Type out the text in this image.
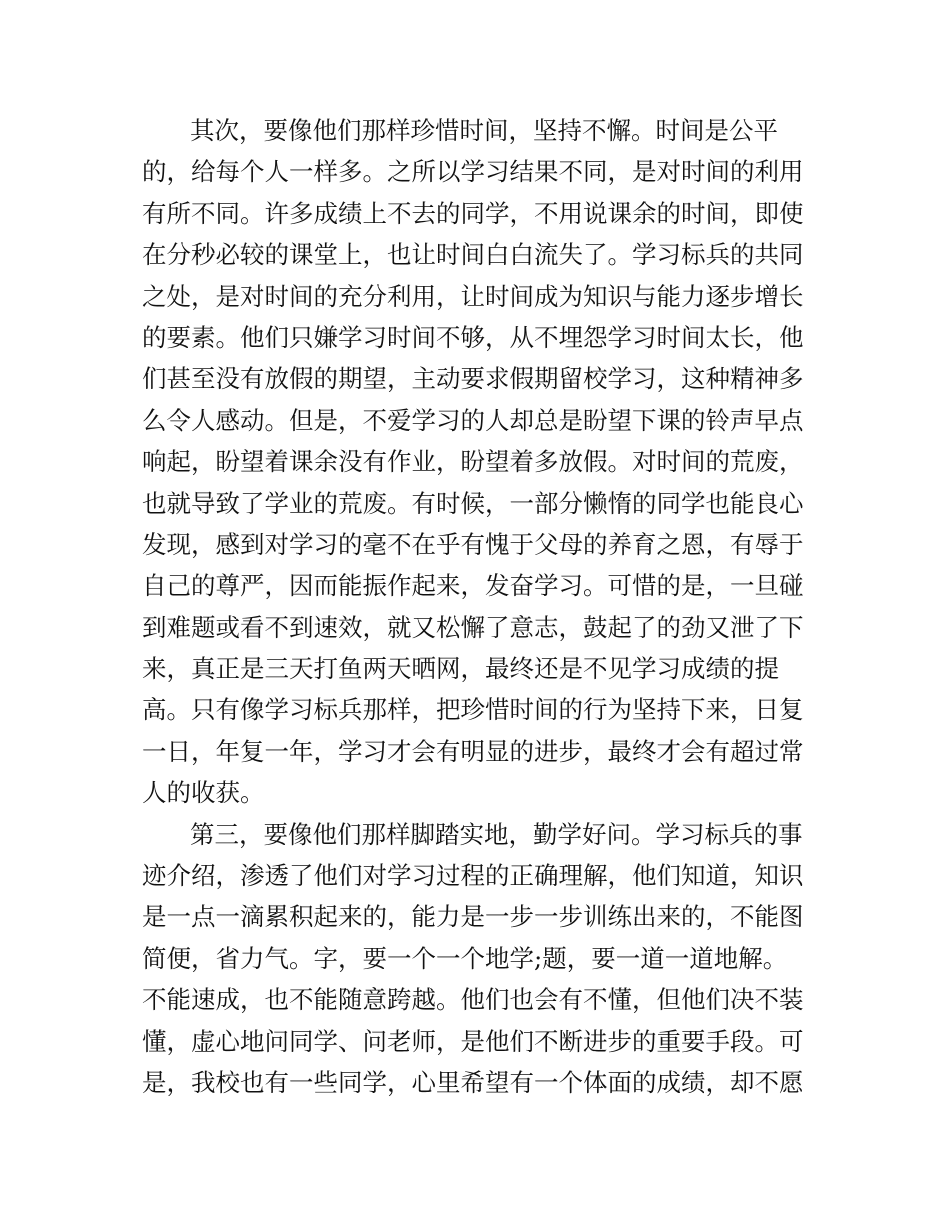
其次，要像他们那样珍惜时间，坚持不懈。时间是公平
的，给每个人一样多。之所以学习结果不同，是对时间的利用
有所不同。许多成绩上不去的同学，不用说课余的时间，即使
在分秒必较的课堂上，也让时间白白流失了。学习标兵的共同
之处，是对时间的充分利用，让时间成为知识与能力逐步增长
的要素。他们只嫌学习时间不够，从不埋怨学习时间太长，他
们甚至没有放假的期望，主动要求假期留校学习，这种精神多
么令人感动。但是，不爱学习的人却总是盼望下课的铃声早点
响起，盼望着课余没有作业，盼望着多放假。对时间的荒废，
也就导致了学业的荒废。有时候，一部分懒惰的同学也能良心
发现，感到对学习的毫不在乎有愧于父母的养育之恩，有辱于
自己的尊严，因而能振作起来，发奋学习。可惜的是，一旦碰
到难题或看不到速效，就又松懈了意志，鼓起了的劲又泄了下
来，真正是三天打鱼两天晒网，最终还是不见学习成绩的提
高。只有像学习标兵那样，把珍惜时间的行为坚持下来，日复
一日，年复一年，学习才会有明显的进步，最终才会有超过常
人的收获。
第三，要像他们那样脚踏实地，勤学好问。学习标兵的事
迹介绍，渗透了他们对学习过程的正确理解，他们知道，知识
是一点一滴累积起来的，能力是一步一步训练出来的，不能图
简便，省力气。字，要一个一个地学;题，要一道一道地解。
不能速成，也不能随意跨越。他们也会有不懂，但他们决不装
懂，虚心地问同学、问老师，是他们不断进步的重要手段。可
是，我校也有一些同学，心里希望有一个体面的成绩，却不愿
